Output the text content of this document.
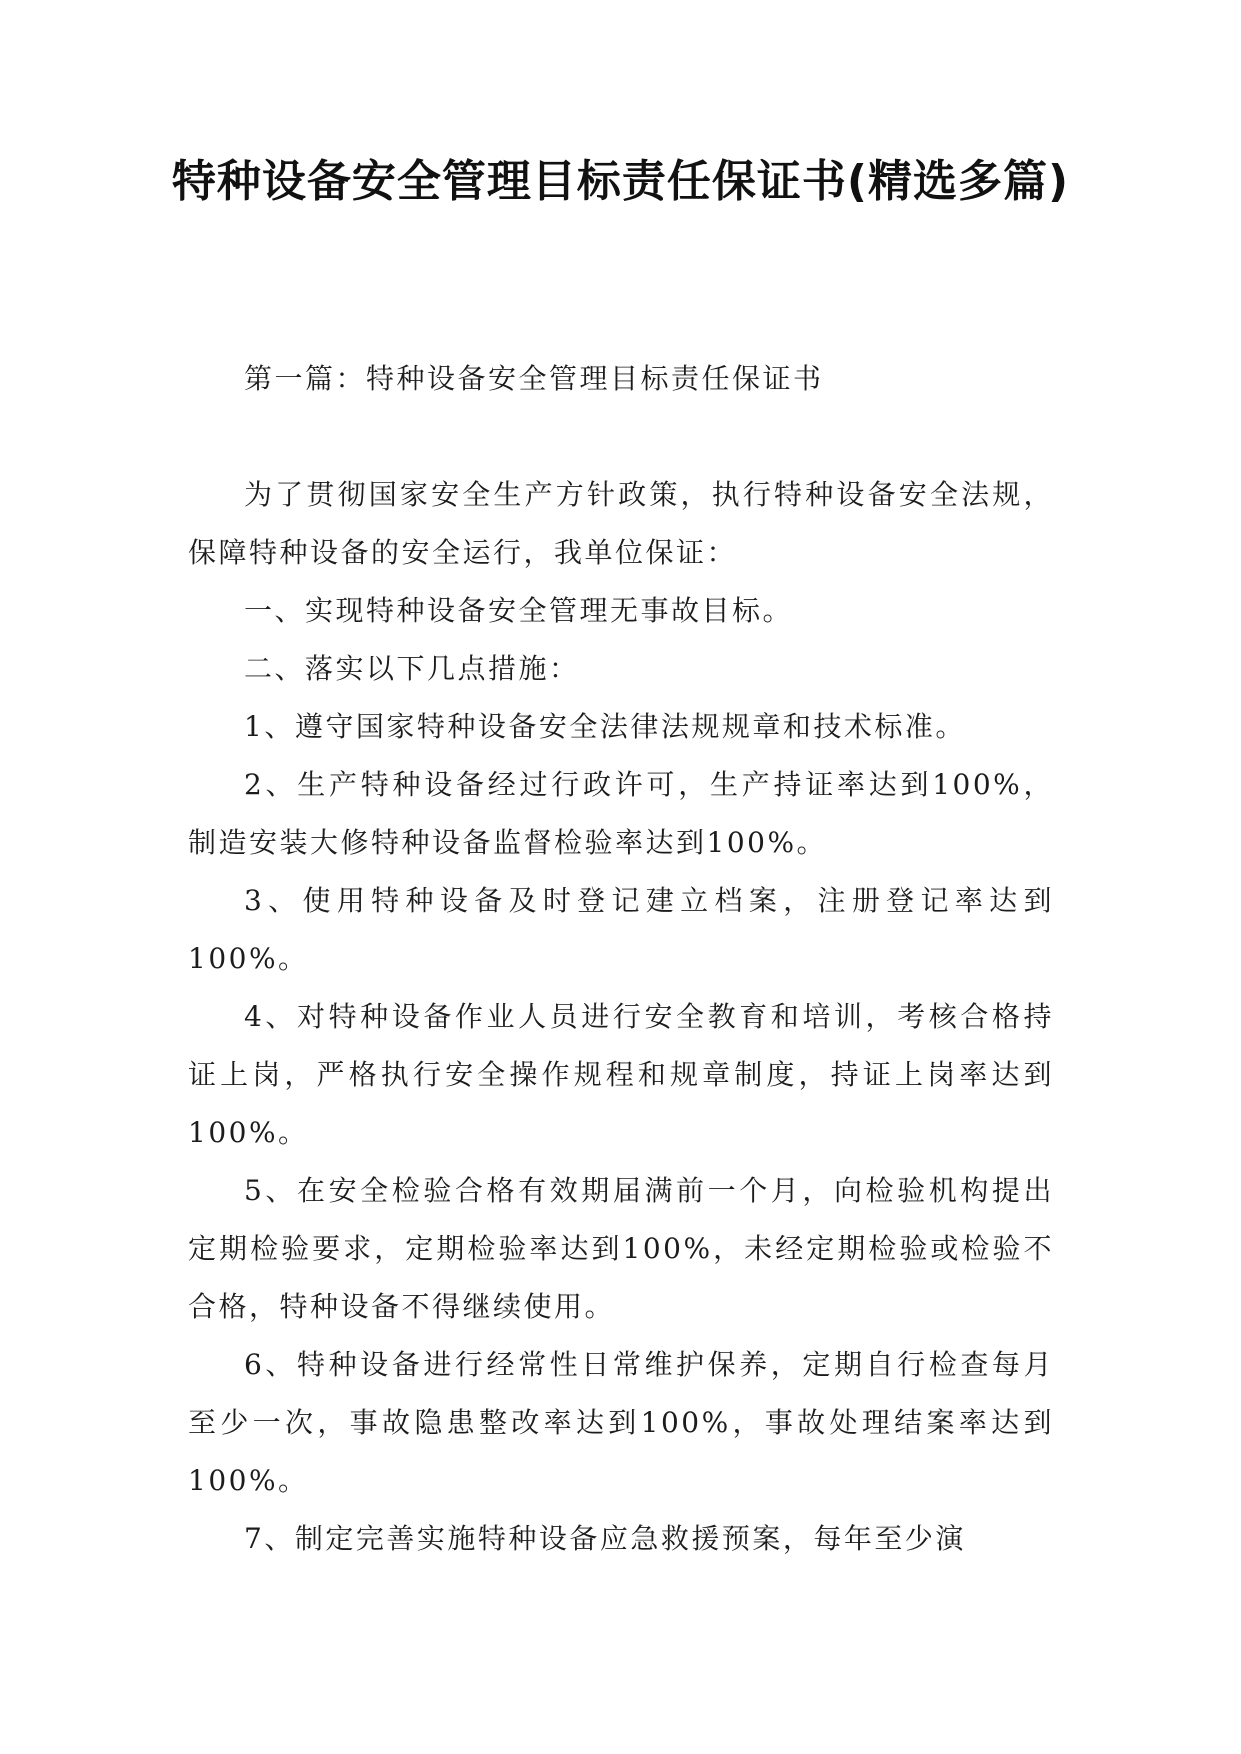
特种设备安全管理目标责任保证书(精选多篇)

第一篇：特种设备安全管理目标责任保证书

为了贯彻国家安全生产方针政策，执行特种设备安全法规，保障特种设备的安全运行，我单位保证：

一、实现特种设备安全管理无事故目标。

二、落实以下几点措施：

1、遵守国家特种设备安全法律法规规章和技术标准。

2、生产特种设备经过行政许可，生产持证率达到100%，制造安装大修特种设备监督检验率达到100%。

3、使用特种设备及时登记建立档案，注册登记率达到100%。

4、对特种设备作业人员进行安全教育和培训，考核合格持证上岗，严格执行安全操作规程和规章制度，持证上岗率达到100%。

5、在安全检验合格有效期届满前一个月，向检验机构提出定期检验要求，定期检验率达到100%，未经定期检验或检验不合格，特种设备不得继续使用。

6、特种设备进行经常性日常维护保养，定期自行检查每月至少一次，事故隐患整改率达到100%，事故处理结案率达到100%。

7、制定完善实施特种设备应急救援预案，每年至少演
